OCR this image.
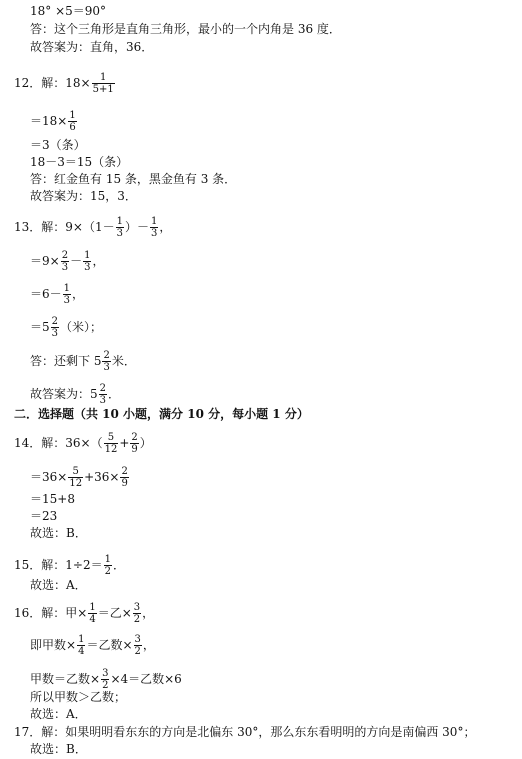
18° ×5＝90°
答：这个三角形是直角三角形，最小的一个内角是 36 度．
故答案为：直角，36．
12．解：$18\times \frac{1}{5+1}$
$=18\times \frac{1}{6}$
＝3（条）
18－3＝15（条）
答：红金鱼有 15 条，黑金鱼有 3 条．
故答案为：15，3．
13．解：$9\times(1- \frac{1}{3}$ ）－ $\frac{1}{3}$ ，
$=9\times \frac{2}{3} - \frac{1}{3}$ ，
$=6- \frac{1}{3}$ ，
$=5 \frac{2}{3}$ （米）；
答：还剩下 $5 \frac{2}{3}$ 米．
故答案为：$5 \frac{2}{3}$ ．
二．选择题（共 10 小题，满分 10 分，每小题 1 分）
14．解：$36\times( \frac{5}{12} + \frac{2}{9}$ ）
$=36\times \frac{5}{12} +36\times \frac{2}{9}$
＝15+8
＝23
故选：B．
15．解：$1\div 2= \frac{1}{2}$ ．
故选：A．
16．解：甲× $\frac{1}{4}$ ＝乙× $\frac{3}{2}$ ，
即甲数× $\frac{1}{4}$ ＝乙数× $\frac{3}{2}$ ，
甲数＝乙数× $\frac{3}{2} \times 4=$乙数×6
所以甲数＞乙数；
故选：A．
17．解：如果明明看东东的方向是北偏东 30°，那么东东看明明的方向是南偏西 30°；
故选：B．
